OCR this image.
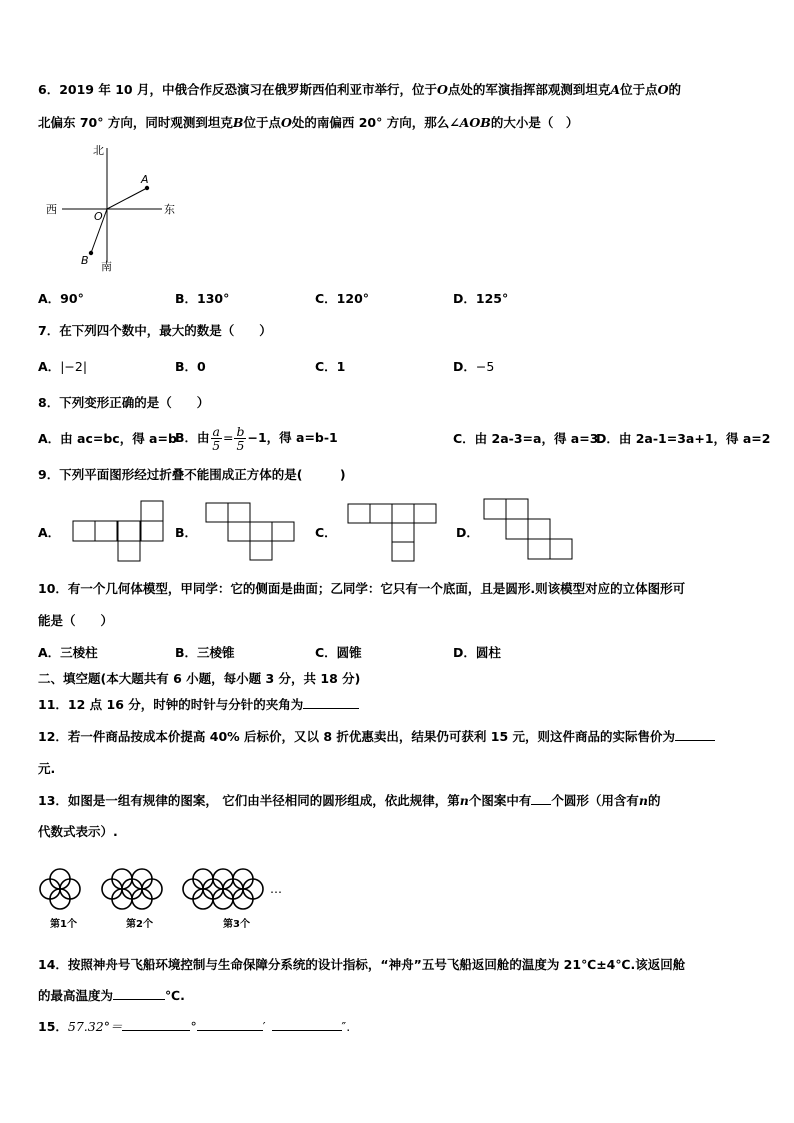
6．2019 年 10 月，中俄合作反恐演习在俄罗斯西伯利亚市举行，位于O点处的军演指挥部观测到坦克A位于点O的
北偏东 70° 方向，同时观测到坦克B位于点O处的南偏西 20° 方向，那么∠AOB的大小是（　）
北
南
东
西
O
A
B
A．90°	B．130°	C．120°	D．125°
7．在下列四个数中，最大的数是（　　）
A．|−2|	B．0	C．1	D．−5
8．下列变形正确的是（　　）
A．由 ac=bc，得 a=b
B．由 $\frac{a}{5} = \frac{b}{5} -1$，得 a=b-1	C．由 2a-3=a，得 a=3
D．由 2a-1=3a+1，得 a=2
9．下列平面图形经过折叠不能围成正方体的是(　　　)
A．	B．	C．	D．
10．有一个几何体模型，甲同学：它的侧面是曲面；乙同学：它只有一个底面，且是圆形.则该模型对应的立体图形可
能是（　　）
A．三棱柱	B．三棱锥	C．圆锥	D．圆柱
二、填空题(本大题共有 6 小题，每小题 3 分，共 18 分)
11．12 点 16 分，时钟的时针与分针的夹角为
12．若一件商品按成本价提高 40% 后标价，又以 8 折优惠卖出，结果仍可获利 15 元，则这件商品的实际售价为
元.
13．如图是一组有规律的图案， 它们由半径相同的圆形组成，依此规律，第n个图案中有 个圆形（用含有n的
代数式表示）.
…
第1个	第2个	第3个
14．按照神舟号飞船环境控制与生命保障分系统的设计指标，“神舟”五号飞船返回舱的温度为 21℃±4℃.该返回舱
的最高温度为	℃.
15．57.32°＝	°	′	″.
